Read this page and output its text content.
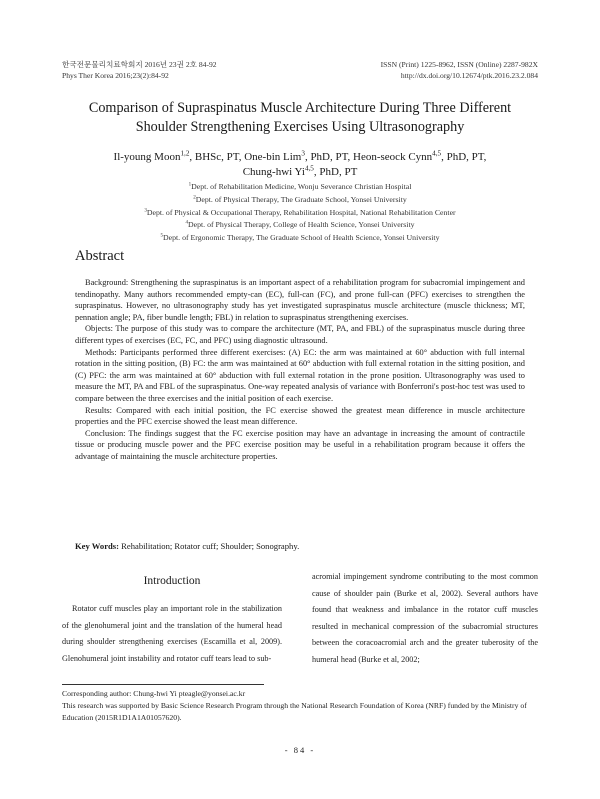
한국전문물리치료학회지 2016년 23권 2호 84-92
Phys Ther Korea 2016;23(2):84-92
ISSN (Print) 1225-8962, ISSN (Online) 2287-982X
http://dx.doi.org/10.12674/ptk.2016.23.2.084
Comparison of Supraspinatus Muscle Architecture During Three Different
Shoulder Strengthening Exercises Using Ultrasonography
Il-young Moon$^{1,2}$, BHSc, PT, One-bin Lim$^3$, PhD, PT, Heon-seock Cynn$^{4,5}$, PhD, PT,
Chung-hwi Yi$^{4,5}$, PhD, PT
$^1$Dept. of Rehabilitation Medicine, Wonju Severance Christian Hospital
$^2$Dept. of Physical Therapy, The Graduate School, Yonsei University
$^3$Dept. of Physical & Occupational Therapy, Rehabilitation Hospital, National Rehabilitation Center
$^4$Dept. of Physical Therapy, College of Health Science, Yonsei University
$^5$Dept. of Ergonomic Therapy, The Graduate School of Health Science, Yonsei University
Abstract

Background: Strengthening the supraspinatus is an important aspect of a rehabilitation program for subacromial impingement and tendinopathy. Many authors recommended empty-can (EC), full-can (FC), and prone full-can (PFC) exercises to strengthen the supraspinatus. However, no ultrasonography study has yet investigated supraspinatus muscle architecture (muscle thickness; MT, pennation angle; PA, fiber bundle length; FBL) in relation to supraspinatus strengthening exercises.

Objects: The purpose of this study was to compare the architecture (MT, PA, and FBL) of the supraspinatus muscle during three different types of exercises (EC, FC, and PFC) using diagnostic ultrasound.

Methods: Participants performed three different exercises: (A) EC: the arm was maintained at 60° abduction with full internal rotation in the sitting position, (B) FC: the arm was maintained at 60° abduction with full external rotation in the sitting position, and (C) PFC: the arm was maintained at 60° abduction with full external rotation in the prone position. Ultrasonography was used to measure the MT, PA and FBL of the supraspinatus. One-way repeated analysis of variance with Bonferroni's post-hoc test was used to compare between the three exercises and the initial position of each exercise.

Results: Compared with each initial position, the FC exercise showed the greatest mean difference in muscle architecture properties and the PFC exercise showed the least mean difference.

Conclusion: The findings suggest that the FC exercise position may have an advantage in increasing the amount of contractile tissue or producing muscle power and the PFC exercise position may be useful in a rehabilitation program because it offers the advantage of maintaining the muscle architecture properties.

Key Words: Rehabilitation; Rotator cuff; Shoulder; Sonography.
Introduction

Rotator cuff muscles play an important role in the stabilization of the glenohumeral joint and the translation of the humeral head during shoulder strengthening exercises (Escamilla et al, 2009). Glenohumeral joint instability and rotator cuff tears lead to sub-

acromial impingement syndrome contributing to the most common cause of shoulder pain (Burke et al, 2002). Several authors have found that weakness and imbalance in the rotator cuff muscles resulted in mechanical compression of the subacromial structures between the coracoacromial arch and the greater tuberosity of the humeral head (Burke et al, 2002;

Corresponding author: Chung-hwi Yi pteagle@yonsei.ac.kr

This research was supported by Basic Science Research Program through the National Research Foundation of Korea (NRF) funded by the Ministry of Education (2015R1D1A1A01057620).

- 84 -
